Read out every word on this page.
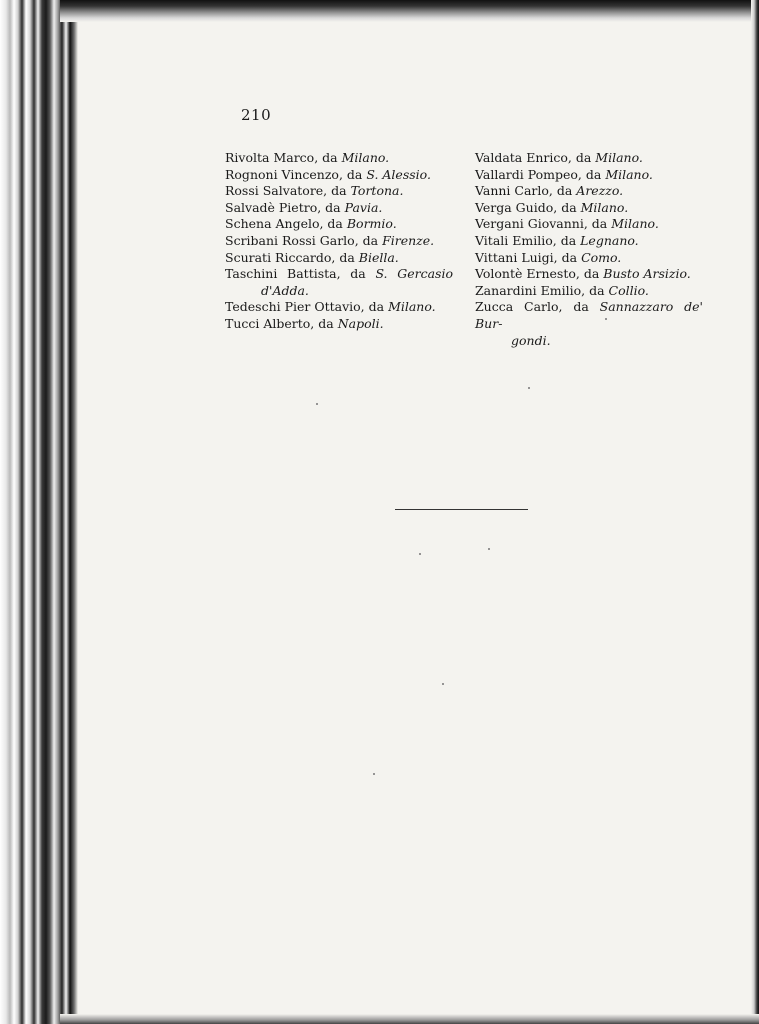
210
Rivolta Marco, da Milano.
Rognoni Vincenzo, da S. Alessio.
Rossi Salvatore, da Tortona.
Salvadè Pietro, da Pavia.
Schena Angelo, da Bormio.
Scribani Rossi Garlo, da Firenze.
Scurati Riccardo, da Biella.
Taschini Battista, da S. Gercasio
d'Adda.
Tedeschi Pier Ottavio, da Milano.
Tucci Alberto, da Napoli.
Valdata Enrico, da Milano.
Vallardi Pompeo, da Milano.
Vanni Carlo, da Arezzo.
Verga Guido, da Milano.
Vergani Giovanni, da Milano.
Vitali Emilio, da Legnano.
Vittani Luigi, da Como.
Volontè Ernesto, da Busto Arsizio.
Zanardini Emilio, da Collio.
Zucca Carlo, da Sannazzaro de' Bur-
gondi.
